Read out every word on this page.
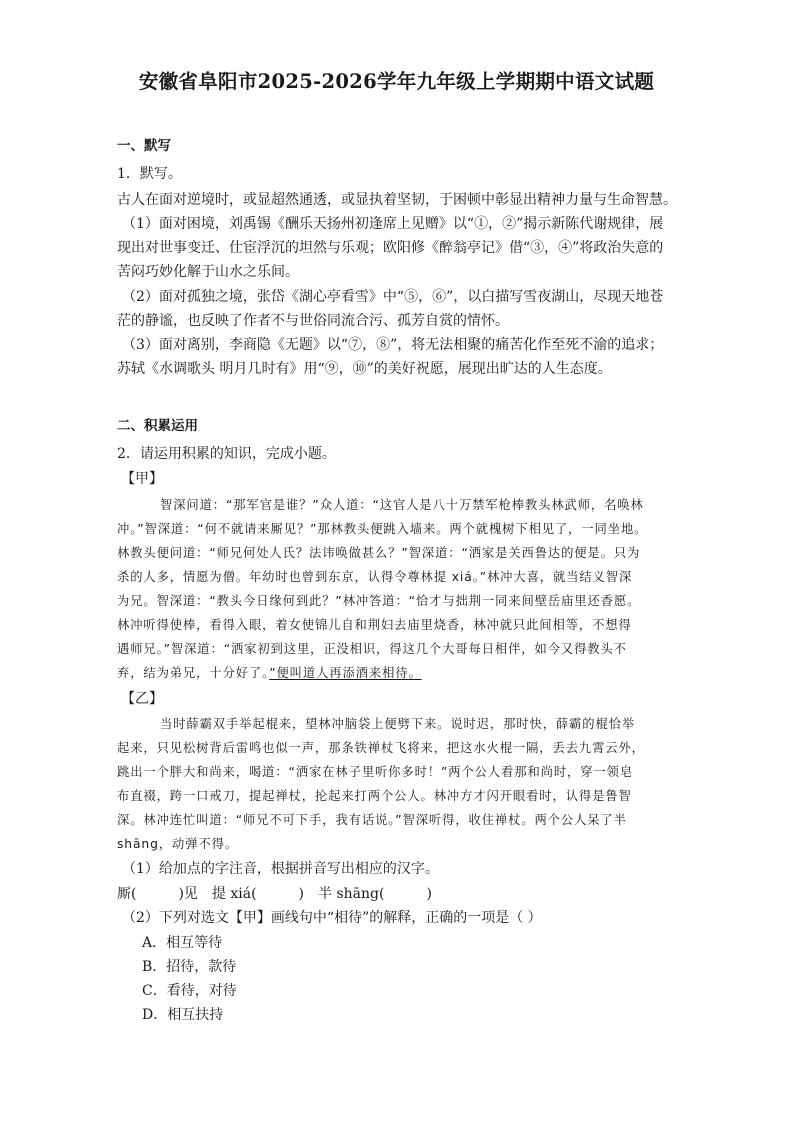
安徽省阜阳市2025-2026学年九年级上学期期中语文试题
一、默写
1．默写。
古人在面对逆境时，或显超然通透，或显执着坚韧，于困顿中彰显出精神力量与生命智慧。
（1）面对困境，刘禹锡《酬乐天扬州初逢席上见赠》以“①，②”揭示新陈代谢规律，展
现出对世事变迁、仕宦浮沉的坦然与乐观；欧阳修《醉翁亭记》借“③，④”将政治失意的
苦闷巧妙化解于山水之乐间。
（2）面对孤独之境，张岱《湖心亭看雪》中“⑤，⑥”，以白描写雪夜湖山，尽现天地苍
茫的静谧，也反映了作者不与世俗同流合污、孤芳自赏的情怀。
（3）面对离别，李商隐《无题》以“⑦，⑧”，将无法相聚的痛苦化作至死不渝的追求；
苏轼《水调歌头 明月几时有》用“⑨，⑩”的美好祝愿，展现出旷达的人生态度。
二、积累运用
2．请运用积累的知识，完成小题。
【甲】
智深问道：“那军官是谁？”众人道：“这官人是八十万禁军枪棒教头林武师，名唤林
冲。”智深道：“何不就请来厮见？”那林教头便跳入墙来。两个就槐树下相见了，一同坐地。
林教头便问道：“师兄何处人氏？法讳唤做甚么？”智深道：“洒家是关西鲁达的便是。只为
杀的人多，情愿为僧。年幼时也曾到东京，认得令尊林提 xiá。”林冲大喜，就当结义智深
为兄。智深道：“教头今日缘何到此？”林冲答道：“恰才与拙荆一同来间壁岳庙里还香愿。
林冲听得使棒，看得入眼，着女使锦儿自和荆妇去庙里烧香，林冲就只此间相等，不想得
遇师兄。”智深道：“洒家初到这里，正没相识，得这几个大哥每日相伴，如今又得教头不
弃，结为弟兄，十分好了。”便叫道人再添酒来相待。
【乙】
当时薛霸双手举起棍来，望林冲脑袋上便劈下来。说时迟，那时快，薛霸的棍恰举
起来，只见松树背后雷鸣也似一声，那条铁禅杖飞将来，把这水火棍一隔，丢去九霄云外，
跳出一个胖大和尚来，喝道：“洒家在林子里听你多时！”两个公人看那和尚时，穿一领皂
布直裰，跨一口戒刀，提起禅杖，抡起来打两个公人。林冲方才闪开眼看时，认得是鲁智
深。林冲连忙叫道：“师兄不可下手，我有话说。”智深听得，收住禅杖。两个公人呆了半
shāng，动弹不得。
（1）给加点的字注音，根据拼音写出相应的汉字。
厮(　　　)见　提 xiá(　　　)　半 shāng(　　　)
（2）下列对选文【甲】画线句中“相待”的解释，正确的一项是（ ）
A．相互等待
B．招待，款待
C．看待，对待
D．相互扶持
